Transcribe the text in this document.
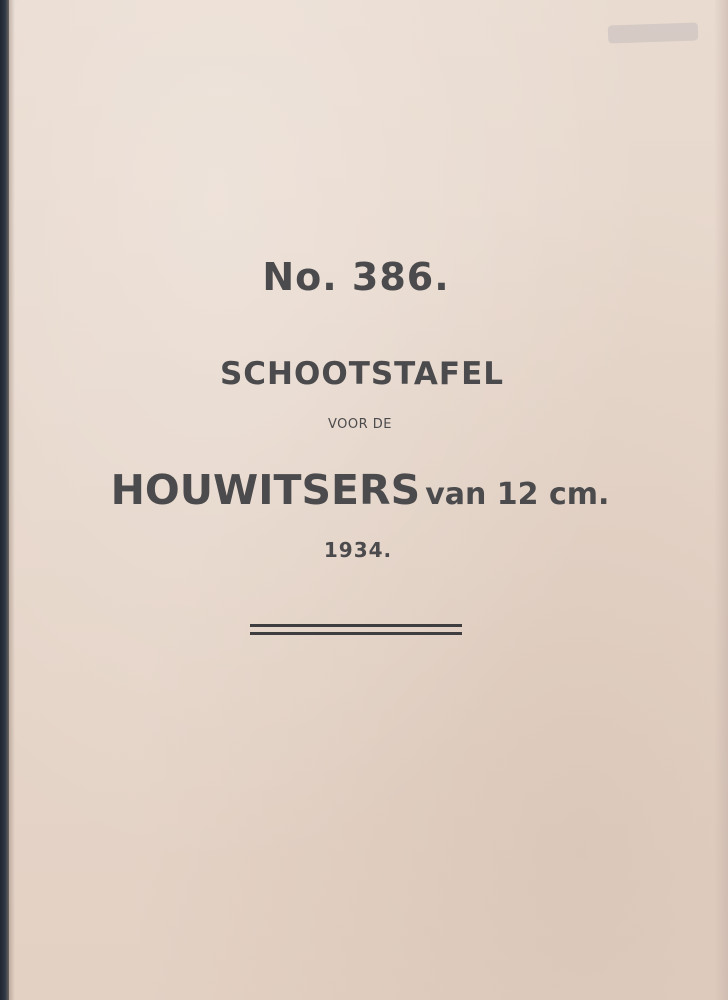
No. 386.
SCHOOTSTAFEL
VOOR DE
HOUWITSERS van 12 cm.
1934.
